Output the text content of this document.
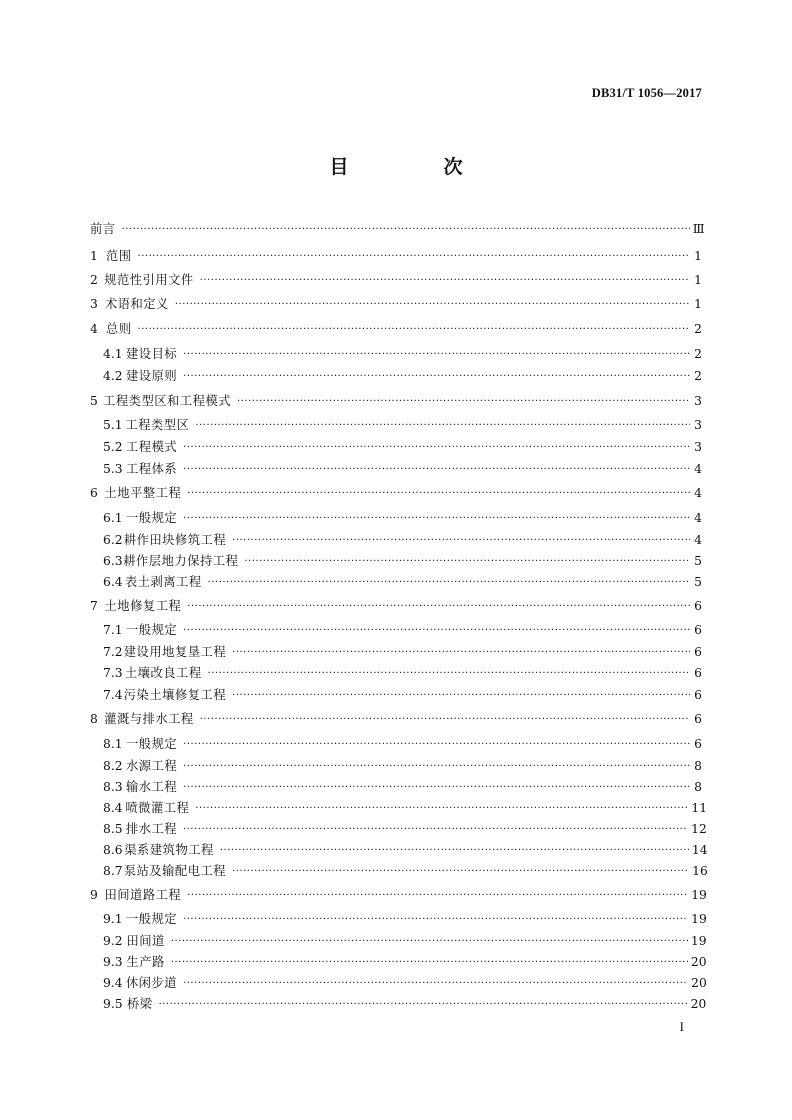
DB31/T 1056—2017
目　次
前言 ·····	Ⅲ
1 范围 ·····	1
2 规范性引用文件 ·····	1
3 术语和定义 ·····	1
4 总则 ·····	2
4.1 建设目标 ·····	2
4.2 建设原则 ·····	2
5 工程类型区和工程模式 ·····	3
5.1 工程类型区 ·····	3
5.2 工程模式 ·····	3
5.3 工程体系 ·····	4
6 土地平整工程 ·····	4
6.1 一般规定 ·····	4
6.2 耕作田块修筑工程 ·····	4
6.3 耕作层地力保持工程 ·····	5
6.4 表土剥离工程 ·····	5
7 土地修复工程 ·····	6
7.1 一般规定 ·····	6
7.2 建设用地复垦工程 ·····	6
7.3 土壤改良工程 ·····	6
7.4 污染土壤修复工程 ·····	6
8 灌溉与排水工程 ·····	6
8.1 一般规定 ·····	6
8.2 水源工程 ·····	8
8.3 输水工程 ·····	8
8.4 喷微灌工程 ·····	11
8.5 排水工程 ·····	12
8.6 渠系建筑物工程 ·····	14
8.7 泵站及输配电工程 ·····	16
9 田间道路工程 ·····	19
9.1 一般规定 ·····	19
9.2 田间道 ·····	19
9.3 生产路 ·····	20
9.4 休闲步道 ·····	20
9.5 桥梁 ·····	20
I
